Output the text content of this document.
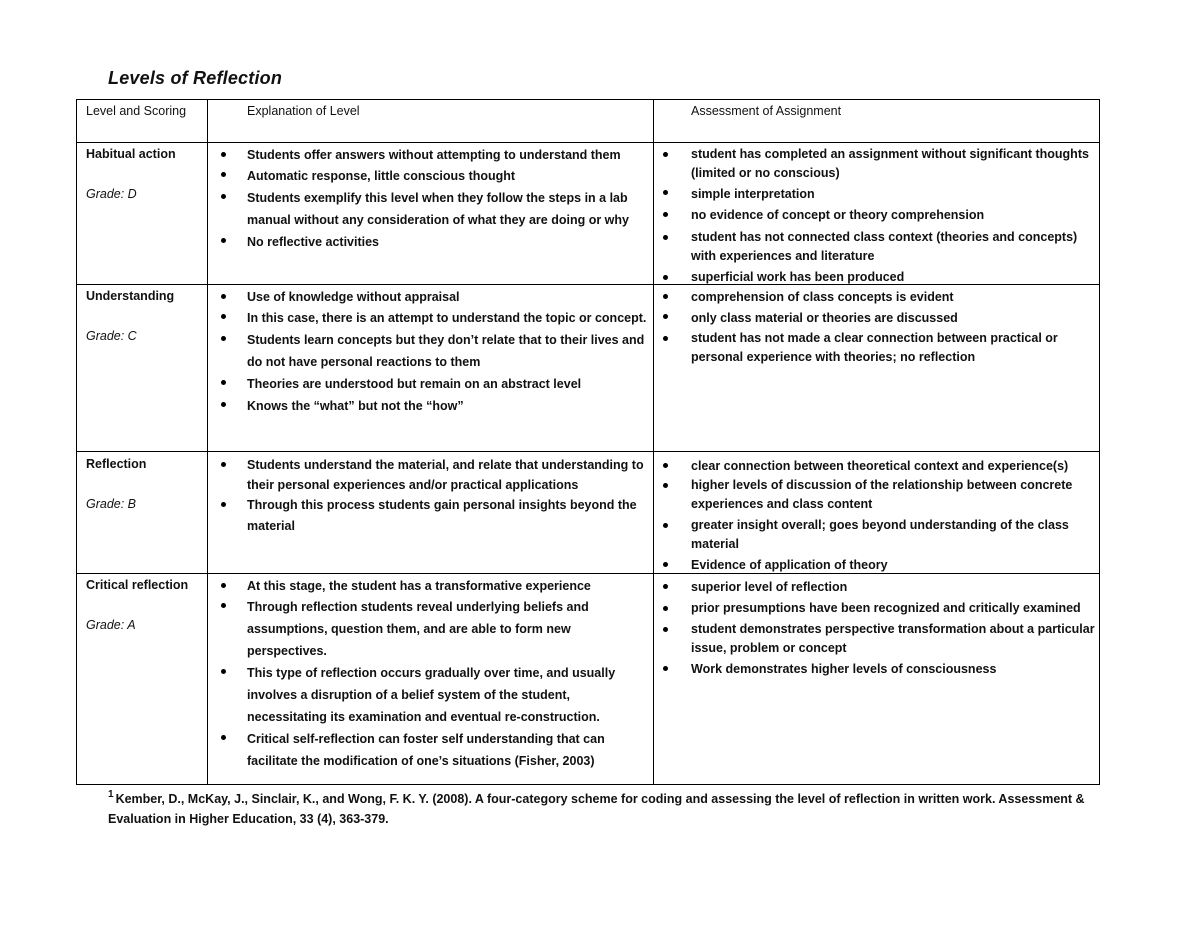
Levels of Reflection
Level and Scoring	Explanation of Level	Assessment of Assignment
Habitual action
Grade: D
Students offer answers without attempting to understand them
Automatic response, little conscious thought
Students exemplify this level when they follow the steps in a lab manual without any consideration of what they are doing or why
No reflective activities
student has completed an assignment without significant thoughts (limited or no conscious)
simple interpretation
no evidence of concept or theory comprehension
student has not connected class context (theories and concepts) with experiences and literature
superficial work has been produced
Understanding
Grade: C
Use of knowledge without appraisal
In this case, there is an attempt to understand the topic or concept.
Students learn concepts but they don’t relate that to their lives and do not have personal reactions to them
Theories are understood but remain on an abstract level
Knows the “what” but not the “how”
comprehension of class concepts is evident
only class material or theories are discussed
student has not made a clear connection between practical or personal experience with theories; no reflection
Reflection
Grade: B
Students understand the material, and relate that understanding to their personal experiences and/or practical applications
Through this process students gain personal insights beyond the material
clear connection between theoretical context and experience(s)
higher levels of discussion of the relationship between concrete experiences and class content
greater insight overall; goes beyond understanding of the class material
Evidence of application of theory
Critical reflection
Grade: A
At this stage, the student has a transformative experience
Through reflection students reveal underlying beliefs and assumptions, question them, and are able to form new perspectives.
This type of reflection occurs gradually over time, and usually involves a disruption of a belief system of the student, necessitating its examination and eventual re-construction.
Critical self-reflection can foster self understanding that can facilitate the modification of one’s situations (Fisher, 2003)
superior level of reflection
prior presumptions have been recognized and critically examined
student demonstrates perspective transformation about a particular issue, problem or concept
Work demonstrates higher levels of consciousness
$^1$ Kember, D., McKay, J., Sinclair, K., and Wong, F. K. Y. (2008). A four-category scheme for coding and assessing the level of reflection in written work. Assessment & Evaluation in Higher Education, 33 (4), 363-379.
